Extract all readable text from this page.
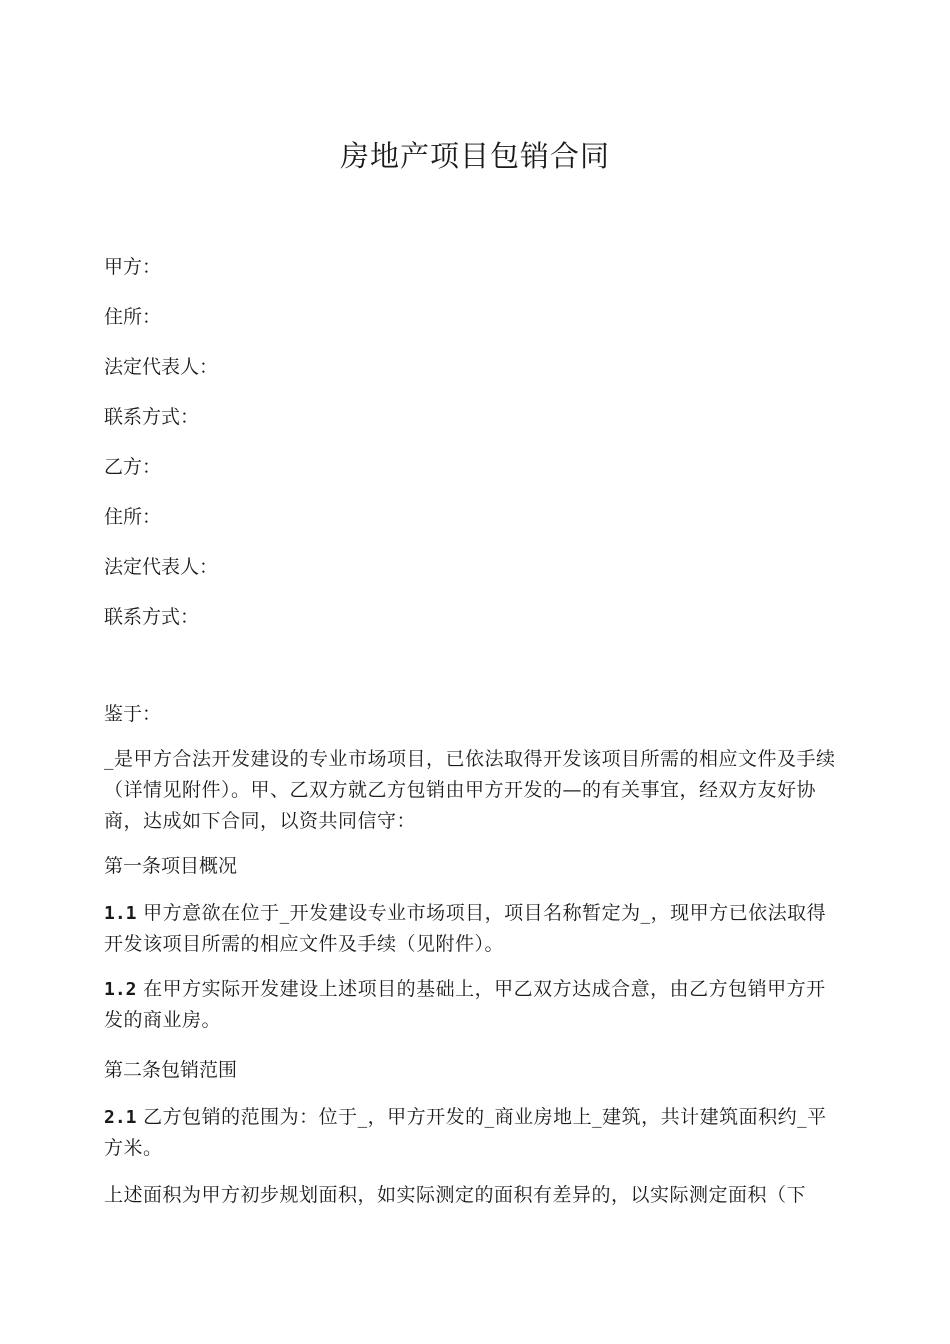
房地产项目包销合同
甲方：
住所：
法定代表人：
联系方式：
乙方：
住所：
法定代表人：
联系方式：
鉴于：
_是甲方合法开发建设的专业市场项目，已依法取得开发该项目所需的相应文件及手续（详情见附件）。甲、乙双方就乙方包销由甲方开发的—的有关事宜，经双方友好协商，达成如下合同，以资共同信守：
第一条项目概况
1.1 甲方意欲在位于_开发建设专业市场项目，项目名称暂定为_，现甲方已依法取得开发该项目所需的相应文件及手续（见附件）。
1.2 在甲方实际开发建设上述项目的基础上，甲乙双方达成合意，由乙方包销甲方开发的商业房。
第二条包销范围
2.1 乙方包销的范围为：位于_，甲方开发的_商业房地上_建筑，共计建筑面积约_平方米。
上述面积为甲方初步规划面积，如实际测定的面积有差异的，以实际测定面积（下
